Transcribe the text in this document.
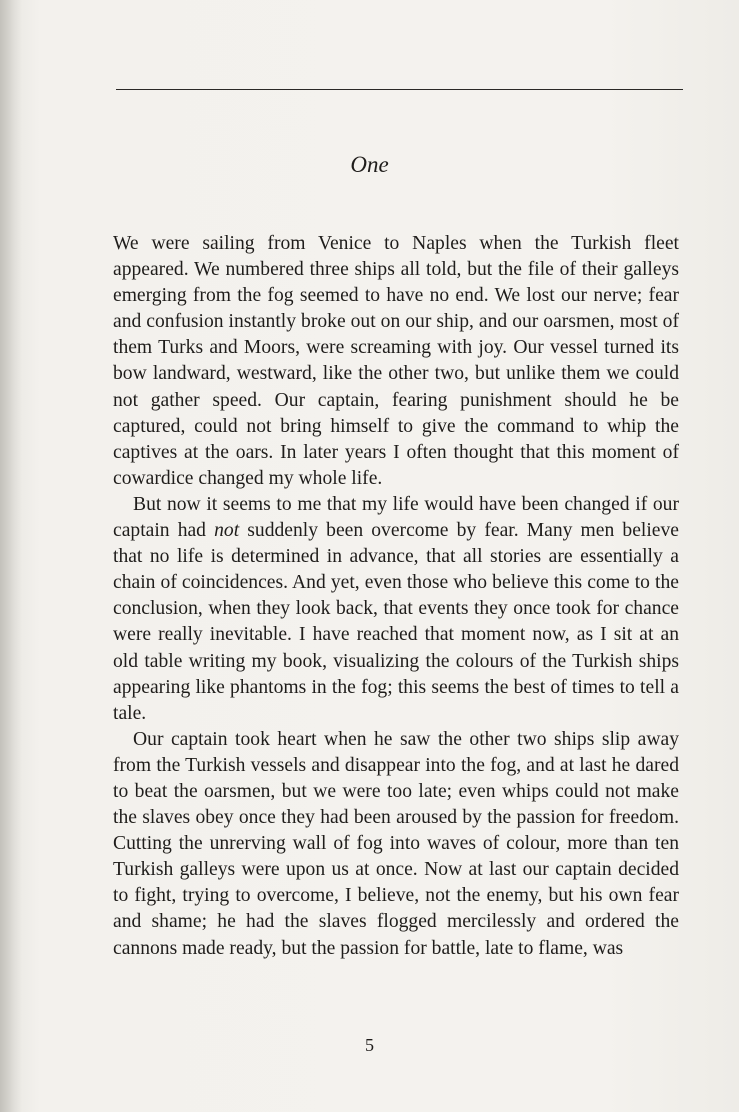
One

We were sailing from Venice to Naples when the Turkish fleet appeared. We numbered three ships all told, but the file of their galleys emerging from the fog seemed to have no end. We lost our nerve; fear and confusion instantly broke out on our ship, and our oarsmen, most of them Turks and Moors, were screaming with joy. Our vessel turned its bow landward, westward, like the other two, but unlike them we could not gather speed. Our captain, fearing punishment should he be captured, could not bring himself to give the command to whip the captives at the oars. In later years I often thought that this moment of cowardice changed my whole life.

But now it seems to me that my life would have been changed if our captain had not suddenly been overcome by fear. Many men believe that no life is determined in advance, that all stories are essentially a chain of coincidences. And yet, even those who believe this come to the conclusion, when they look back, that events they once took for chance were really inevitable. I have reached that moment now, as I sit at an old table writing my book, visualizing the colours of the Turkish ships appearing like phantoms in the fog; this seems the best of times to tell a tale.

Our captain took heart when he saw the other two ships slip away from the Turkish vessels and disappear into the fog, and at last he dared to beat the oarsmen, but we were too late; even whips could not make the slaves obey once they had been aroused by the passion for freedom. Cutting the unrerving wall of fog into waves of colour, more than ten Turkish galleys were upon us at once. Now at last our captain decided to fight, trying to overcome, I believe, not the enemy, but his own fear and shame; he had the slaves flogged mercilessly and ordered the cannons made ready, but the passion for battle, late to flame, was

5
